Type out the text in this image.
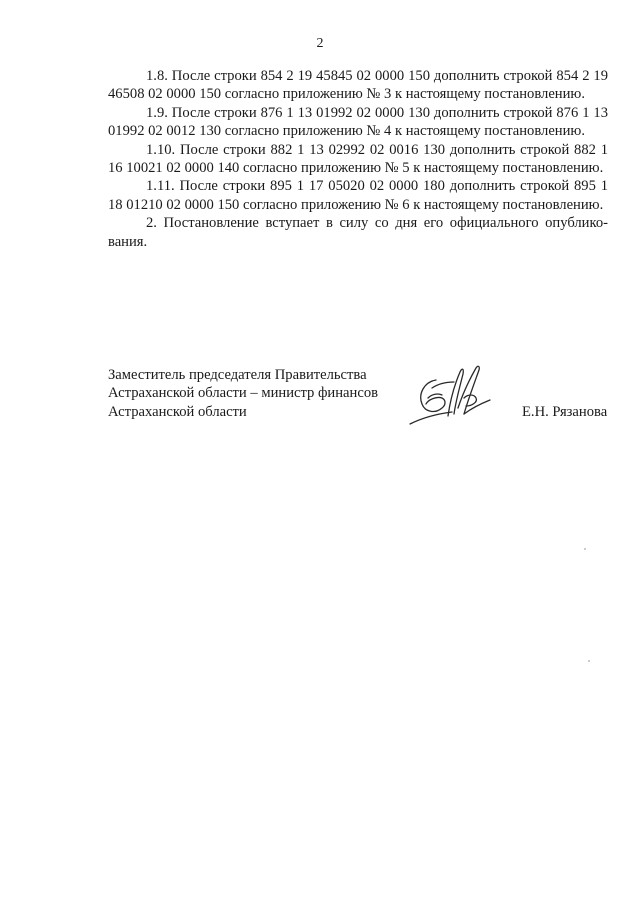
2

1.8. После строки 854 2 19 45845 02 0000 150 дополнить строкой 854 2 19 46508 02 0000 150 согласно приложению № 3 к настоящему постановлению.

1.9. После строки 876 1 13 01992 02 0000 130 дополнить строкой 876 1 13 01992 02 0012 130 согласно приложению № 4 к настоящему постановлению.

1.10. После строки 882 1 13 02992 02 0016 130 дополнить строкой 882 1 16 10021 02 0000 140 согласно приложению № 5 к настоящему постановлению.

1.11. После строки 895 1 17 05020 02 0000 180 дополнить строкой 895 1 18 01210 02 0000 150 согласно приложению № 6 к настоящему постановлению.

2. Постановление вступает в силу со дня его официального опубликования.

Заместитель председателя Правительства
Астраханской области – министр финансов
Астраханской области	Е.Н. Рязанова
